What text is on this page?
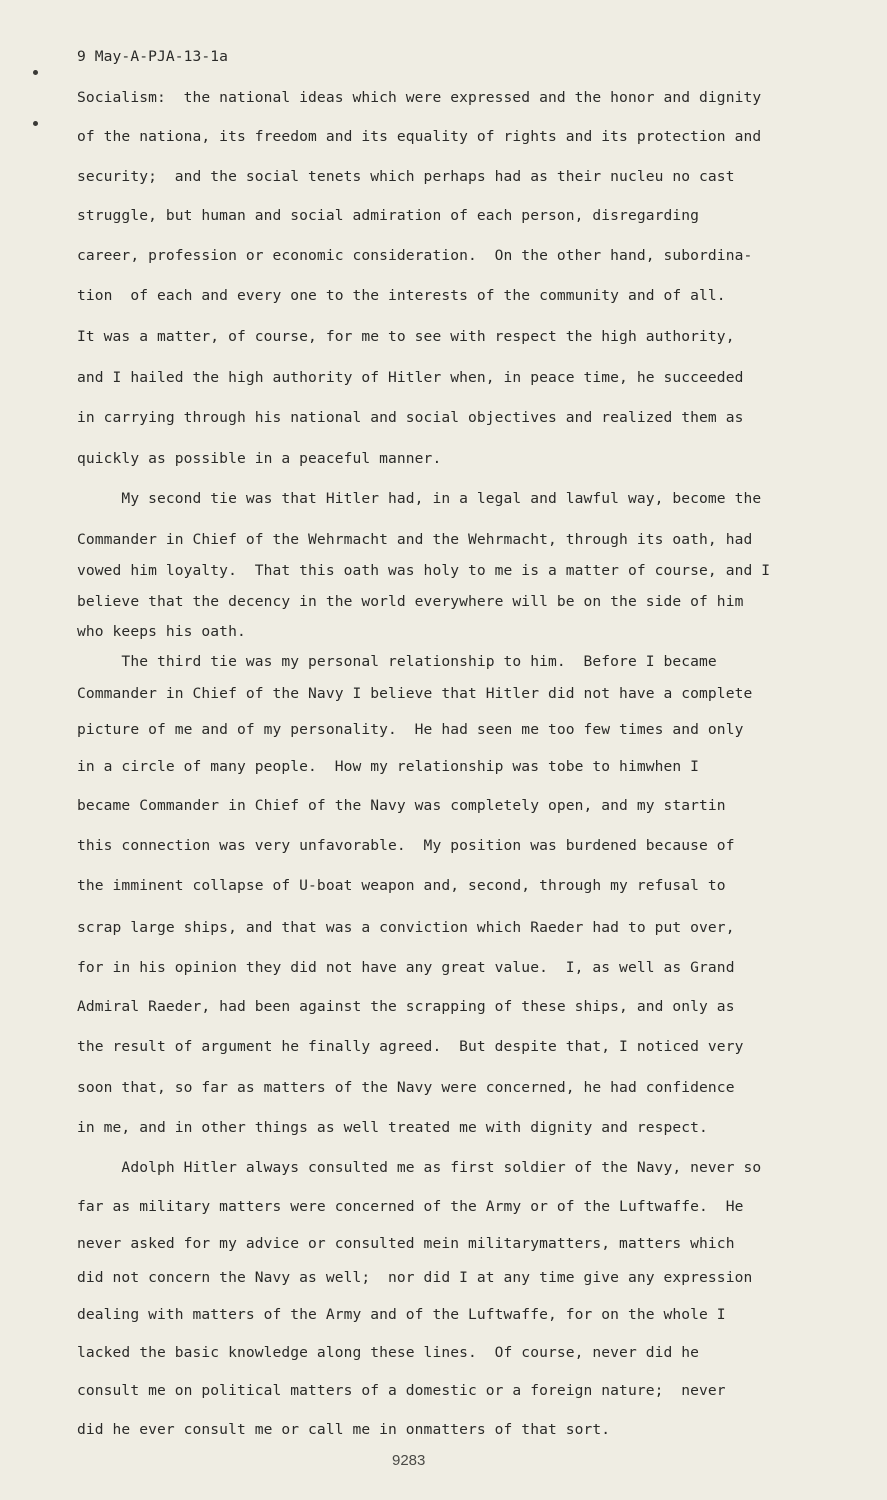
9 May-A-PJA-13-1a

Socialism:  the national ideas which were expressed and the honor and dignity

of the nationa, its freedom and its equality of rights and its protection and

security;  and the social tenets which perhaps had as their nucleu no cast

struggle, but human and social admiration of each person, disregarding

career, profession or economic consideration.  On the other hand, subordina-

tion  of each and every one to the interests of the community and of all.

It was a matter, of course, for me to see with respect the high authority,

and I hailed the high authority of Hitler when, in peace time, he succeeded

in carrying through his national and social objectives and realized them as

quickly as possible in a peaceful manner.

My second tie was that Hitler had, in a legal and lawful way, become the

Commander in Chief of the Wehrmacht and the Wehrmacht, through its oath, had

vowed him loyalty.  That this oath was holy to me is a matter of course, and I

believe that the decency in the world everywhere will be on the side of him

who keeps his oath.

The third tie was my personal relationship to him.  Before I became

Commander in Chief of the Navy I believe that Hitler did not have a complete

picture of me and of my personality.  He had seen me too few times and only

in a circle of many people.  How my relationship was tobe to himwhen I

became Commander in Chief of the Navy was completely open, and my startin

this connection was very unfavorable.  My position was burdened because of

the imminent collapse of U-boat weapon and, second, through my refusal to

scrap large ships, and that was a conviction which Raeder had to put over,

for in his opinion they did not have any great value.  I, as well as Grand

Admiral Raeder, had been against the scrapping of these ships, and only as

the result of argument he finally agreed.  But despite that, I noticed very

soon that, so far as matters of the Navy were concerned, he had confidence

in me, and in other things as well treated me with dignity and respect.

Adolph Hitler always consulted me as first soldier of the Navy, never so

far as military matters were concerned of the Army or of the Luftwaffe.  He

never asked for my advice or consulted mein militarymatters, matters which

did not concern the Navy as well;  nor did I at any time give any expression

dealing with matters of the Army and of the Luftwaffe, for on the whole I

lacked the basic knowledge along these lines.  Of course, never did he

consult me on political matters of a domestic or a foreign nature;  never

did he ever consult me or call me in onmatters of that sort.

9283
